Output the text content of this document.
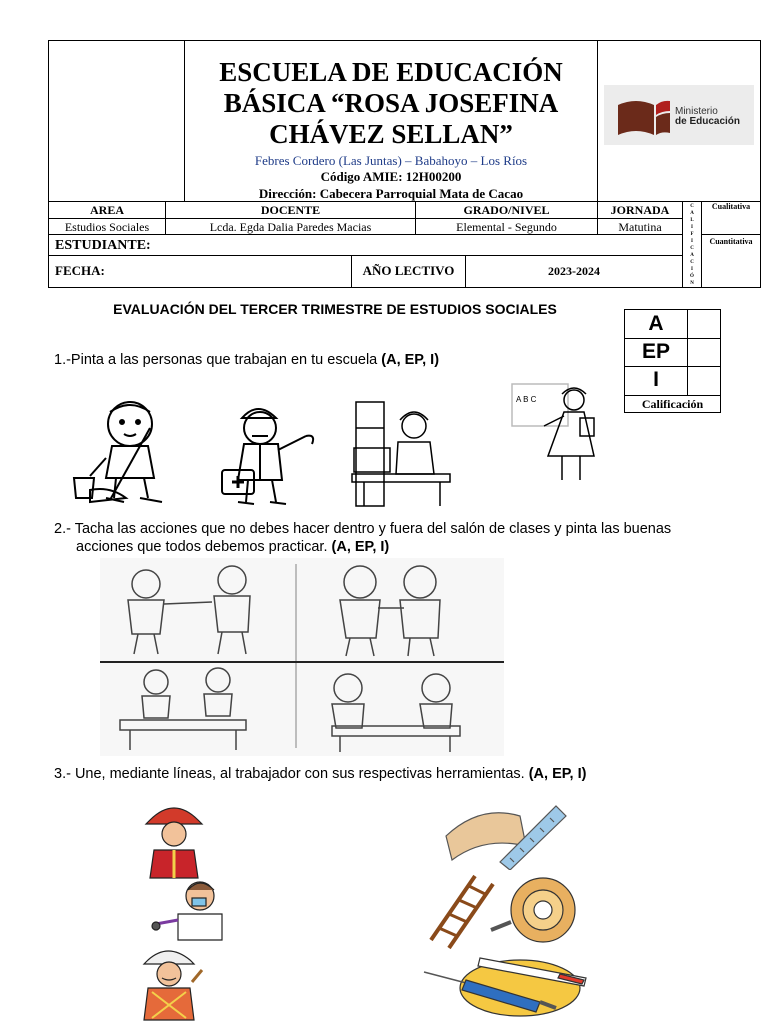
ESCUELA DE EDUCACIÓN
BÁSICA “ROSA JOSEFINA
CHÁVEZ SELLAN”
Febres Cordero (Las Juntas) – Babahoyo – Los Ríos
Código AMIE: 12H00200
Dirección: Cabecera Parroquial Mata de Cacao
Ministerio
de Educación
AREA
Estudios Sociales
DOCENTE
Lcda. Egda Dalia Paredes Macias
GRADO/NIVEL
Elemental - Segundo
JORNADA
Matutina
C
A
L
I
F
I
C
A
C
I
Ó
N
Cualitativa
Cuantitativa
ESTUDIANTE:
FECHA:	AÑO LECTIVO	2023-2024
EVALUACIÓN DEL TERCER TRIMESTRE DE ESTUDIOS SOCIALES
A
EP
I
Calificación
1.-Pinta a las personas que trabajan en tu escuela (A, EP, I)
A B C
2.- Tacha las acciones que no debes hacer dentro y fuera del salón de clases y pinta las buenas
acciones que todos debemos practicar. (A, EP, I)
3.- Une, mediante líneas, al trabajador con sus respectivas herramientas. (A, EP, I)
